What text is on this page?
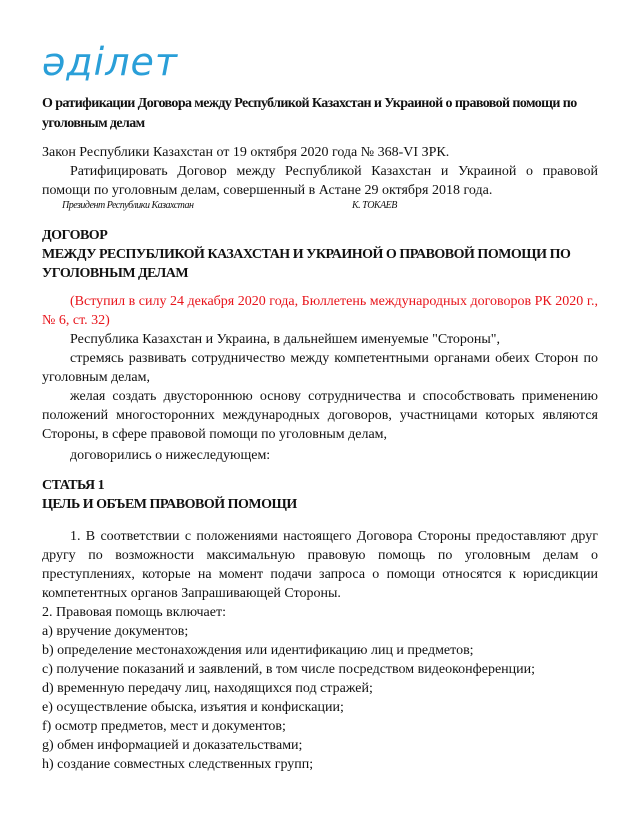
әділет
О ратификации Договора между Республикой Казахстан и Украиной о правовой помощи по уголовным делам

Закон Республики Казахстан от 19 октября 2020 года № 368-VI ЗРК.

Ратифицировать Договор между Республикой Казахстан и Украиной о правовой помощи по уголовным делам, совершенный в Астане 29 октября 2018 года.

Президент Республики Казахстан	К. ТОКАЕВ
ДОГОВОР
МЕЖДУ РЕСПУБЛИКОЙ КАЗАХСТАН И УКРАИНОЙ О ПРАВОВОЙ ПОМОЩИ ПО УГОЛОВНЫМ ДЕЛАМ

(Вступил в силу 24 декабря 2020 года, Бюллетень международных договоров РК 2020 г., № 6, ст. 32)

Республика Казахстан и Украина, в дальнейшем именуемые "Стороны",

стремясь развивать сотрудничество между компетентными органами обеих Сторон по уголовным делам,

желая создать двустороннюю основу сотрудничества и способствовать применению положений многосторонних международных договоров, участницами которых являются Стороны, в сфере правовой помощи по уголовным делам,

договорились о нижеследующем:

СТАТЬЯ 1
ЦЕЛЬ И ОБЪЕМ ПРАВОВОЙ ПОМОЩИ

1. В соответствии с положениями настоящего Договора Стороны предоставляют друг другу по возможности максимальную правовую помощь по уголовным делам о преступлениях, которые на момент подачи запроса о помощи относятся к юрисдикции компетентных органов Запрашивающей Стороны.

2. Правовая помощь включает:

a) вручение документов;

b) определение местонахождения или идентификацию лиц и предметов;

c) получение показаний и заявлений, в том числе посредством видеоконференции;

d) временную передачу лиц, находящихся под стражей;

e) осуществление обыска, изъятия и конфискации;

f) осмотр предметов, мест и документов;

g) обмен информацией и доказательствами;

h) создание совместных следственных групп;
